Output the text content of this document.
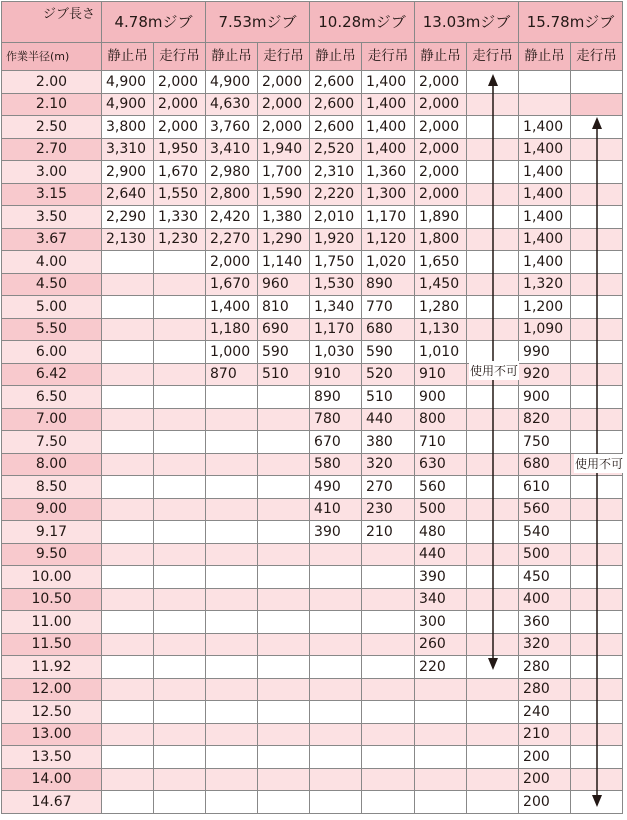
ジブ長さ	4.78mジブ		7.53mジブ		10.28mジブ		13.03mジブ		15.78mジブ	
作業半径(m)	静止吊	走行吊	静止吊	走行吊	静止吊	走行吊	静止吊	走行吊	静止吊	走行吊
2.00	4,900	2,000	4,900	2,000	2,600	1,400	2,000			
2.10	4,900	2,000	4,630	2,000	2,600	1,400	2,000			
2.50	3,800	2,000	3,760	2,000	2,600	1,400	2,000		1,400	
2.70	3,310	1,950	3,410	1,940	2,520	1,400	2,000		1,400	
3.00	2,900	1,670	2,980	1,700	2,310	1,360	2,000		1,400	
3.15	2,640	1,550	2,800	1,590	2,220	1,300	2,000		1,400	
3.50	2,290	1,330	2,420	1,380	2,010	1,170	1,890		1,400	
3.67	2,130	1,230	2,270	1,290	1,920	1,120	1,800		1,400	
4.00			2,000	1,140	1,750	1,020	1,650		1,400	
4.50			1,670	960	1,530	890	1,450		1,320	
5.00			1,400	810	1,340	770	1,280		1,200	
5.50			1,180	690	1,170	680	1,130		1,090	
6.00			1,000	590	1,030	590	1,010		990	
6.42			870	510	910	520	910		920	
6.50					890	510	900		900	
7.00					780	440	800		820	
7.50					670	380	710		750	
8.00					580	320	630		680	
8.50					490	270	560		610	
9.00					410	230	500		560	
9.17					390	210	480		540	
9.50							440		500	
10.00							390		450	
10.50							340		400	
11.00							300		360	
11.50							260		320	
11.92							220		280	
12.00									280	
12.50									240	
13.00									210	
13.50									200	
14.00									200	
14.67									200	
使用不可
使用不可
